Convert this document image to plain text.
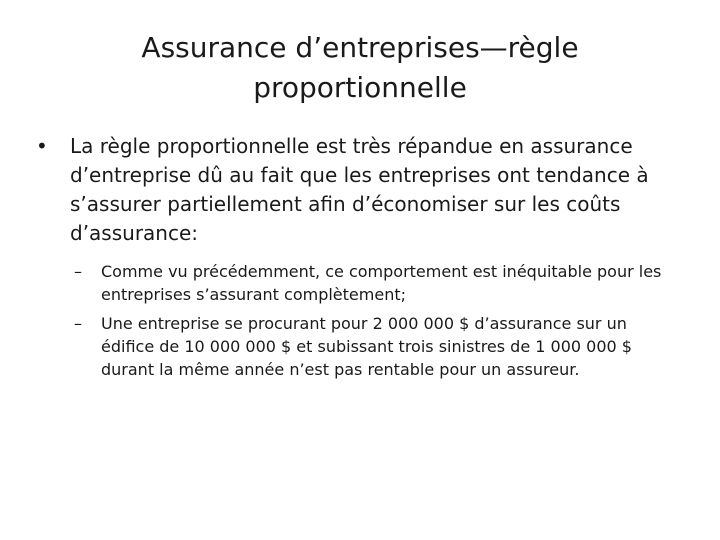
Assurance d’entreprises—règle
proportionnelle
•	La règle proportionnelle est très répandue en assurance d’entreprise dû au fait que les entreprises ont tendance à s’assurer partiellement afin d’économiser sur les coûts d’assurance:
– Comme vu précédemment, ce comportement est inéquitable pour les entreprises s’assurant complètement;
– Une entreprise se procurant pour 2 000 000 $ d’assurance sur un édifice de 10 000 000 $ et subissant trois sinistres de 1 000 000 $ durant la même année n’est pas rentable pour un assureur.
